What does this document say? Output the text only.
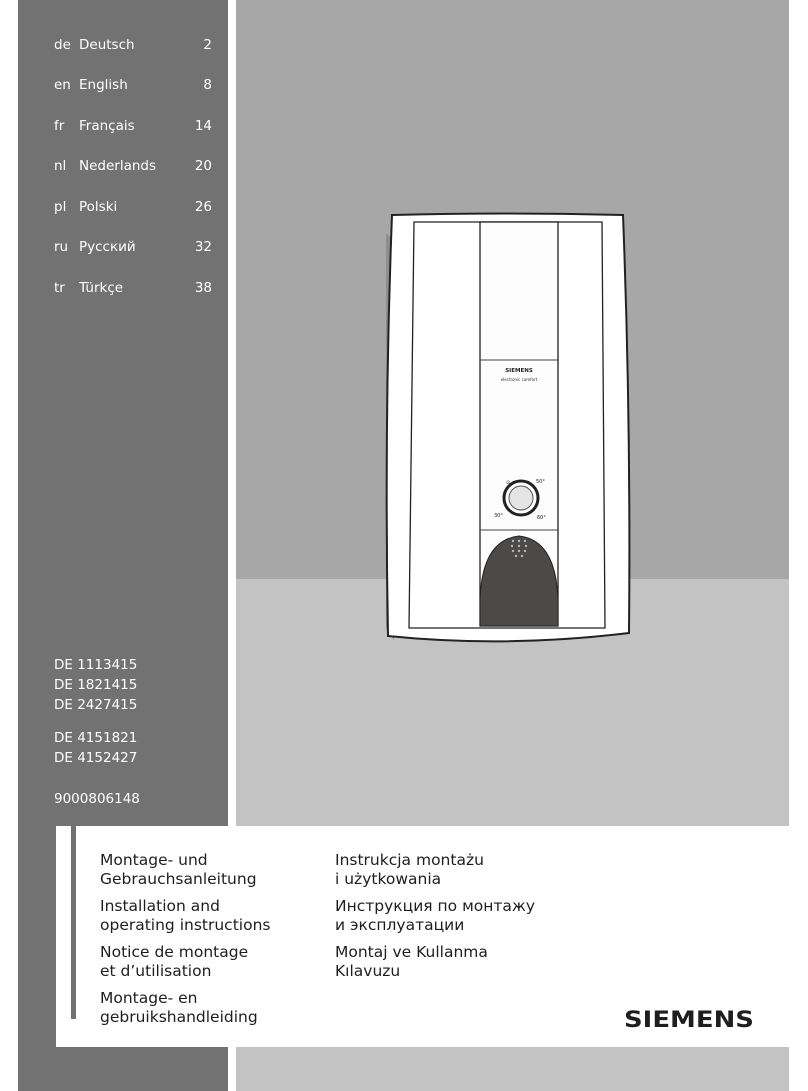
de Deutsch	2
en English	8
fr Français	14
nl Nederlands	20
pl Polski	26
ru Русский	32
tr Türkçe	38
DE 1113415
DE 1821415
DE 2427415
DE 4151821
DE 4152427
9000806148
SIEMENS
electronic comfort
⊙	50°
30°	60°
Montage- und
Gebrauchsanleitung
Installation and
operating instructions
Notice de montage
et d’utilisation
Montage- en
gebruikshandleiding
Instrukcja montażu
i użytkowania
Инструкция по монтажу
и эксплуатации
Montaj ve Kullanma
Kılavuzu
SIEMENS
